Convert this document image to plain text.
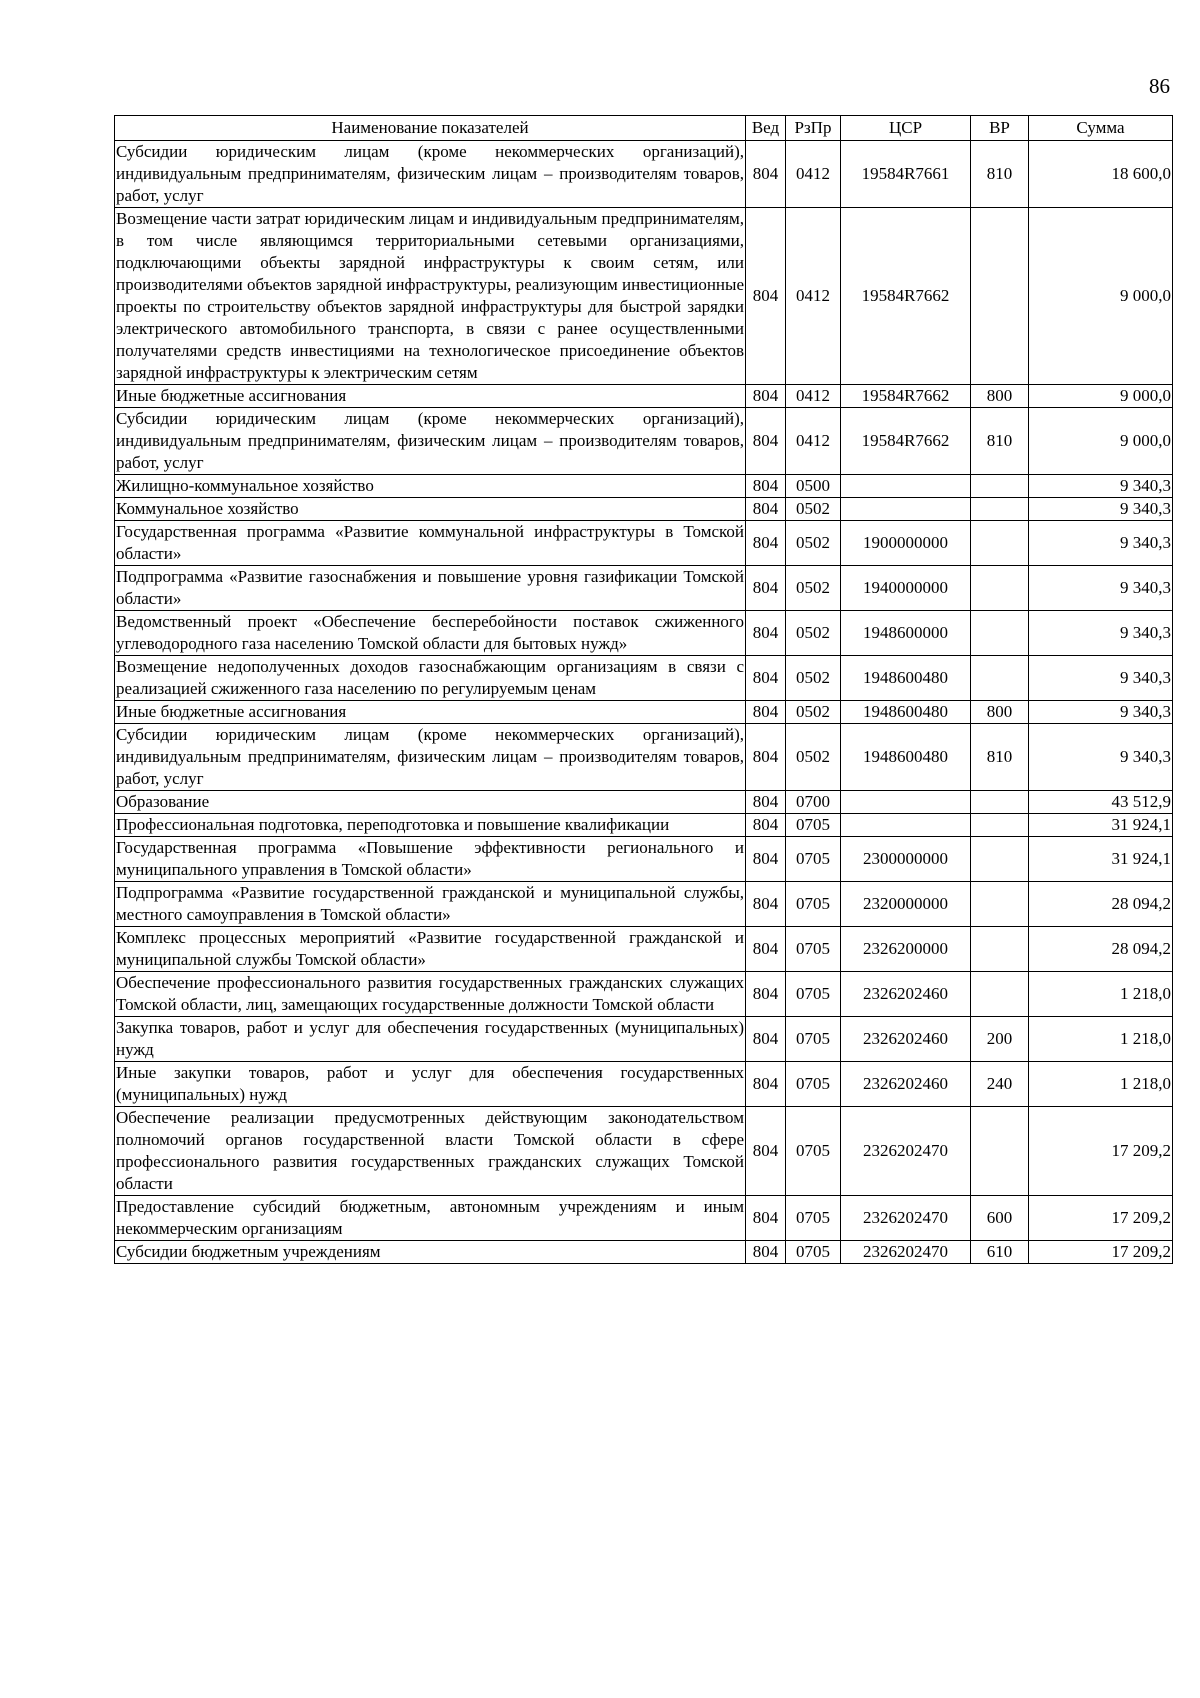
86
Наименование показателей	Вед	РзПр	ЦСР	ВР	Сумма
Субсидии юридическим лицам (кроме некоммерческих организаций), индивидуальным предпринимателям, физическим лицам – производителям товаров, работ, услуг	804	0412	19584R7661	810	18 600,0
Возмещение части затрат юридическим лицам и индивидуальным предпринимателям, в том числе являющимся территориальными сетевыми организациями, подключающими объекты зарядной инфраструктуры к своим сетям, или производителями объектов зарядной инфраструктуры, реализующим инвестиционные проекты по строительству объектов зарядной инфраструктуры для быстрой зарядки электрического автомобильного транспорта, в связи с ранее осуществленными получателями средств инвестициями на технологическое присоединение объектов зарядной инфраструктуры к электрическим сетям	804	0412	19584R7662		9 000,0
Иные бюджетные ассигнования	804	0412	19584R7662	800	9 000,0
Субсидии юридическим лицам (кроме некоммерческих организаций), индивидуальным предпринимателям, физическим лицам – производителям товаров, работ, услуг	804	0412	19584R7662	810	9 000,0
Жилищно-коммунальное хозяйство	804	0500			9 340,3
Коммунальное хозяйство	804	0502			9 340,3
Государственная программа «Развитие коммунальной инфраструктуры в Томской области»	804	0502	1900000000		9 340,3
Подпрограмма «Развитие газоснабжения и повышение уровня газификации Томской области»	804	0502	1940000000		9 340,3
Ведомственный проект «Обеспечение бесперебойности поставок сжиженного углеводородного газа населению Томской области для бытовых нужд»	804	0502	1948600000		9 340,3
Возмещение недополученных доходов газоснабжающим организациям в связи с реализацией сжиженного газа населению по регулируемым ценам	804	0502	1948600480		9 340,3
Иные бюджетные ассигнования	804	0502	1948600480	800	9 340,3
Субсидии юридическим лицам (кроме некоммерческих организаций), индивидуальным предпринимателям, физическим лицам – производителям товаров, работ, услуг	804	0502	1948600480	810	9 340,3
Образование	804	0700			43 512,9
Профессиональная подготовка, переподготовка и повышение квалификации	804	0705			31 924,1
Государственная программа «Повышение эффективности регионального и муниципального управления в Томской области»	804	0705	2300000000		31 924,1
Подпрограмма «Развитие государственной гражданской и муниципальной службы, местного самоуправления в Томской области»	804	0705	2320000000		28 094,2
Комплекс процессных мероприятий «Развитие государственной гражданской и муниципальной службы Томской области»	804	0705	2326200000		28 094,2
Обеспечение профессионального развития государственных гражданских служащих Томской области, лиц, замещающих государственные должности Томской области	804	0705	2326202460		1 218,0
Закупка товаров, работ и услуг для обеспечения государственных (муниципальных) нужд	804	0705	2326202460	200	1 218,0
Иные закупки товаров, работ и услуг для обеспечения государственных (муниципальных) нужд	804	0705	2326202460	240	1 218,0
Обеспечение реализации предусмотренных действующим законодательством полномочий органов государственной власти Томской области в сфере профессионального развития государственных гражданских служащих Томской области	804	0705	2326202470		17 209,2
Предоставление субсидий бюджетным, автономным учреждениям и иным некоммерческим организациям	804	0705	2326202470	600	17 209,2
Субсидии бюджетным учреждениям	804	0705	2326202470	610	17 209,2
